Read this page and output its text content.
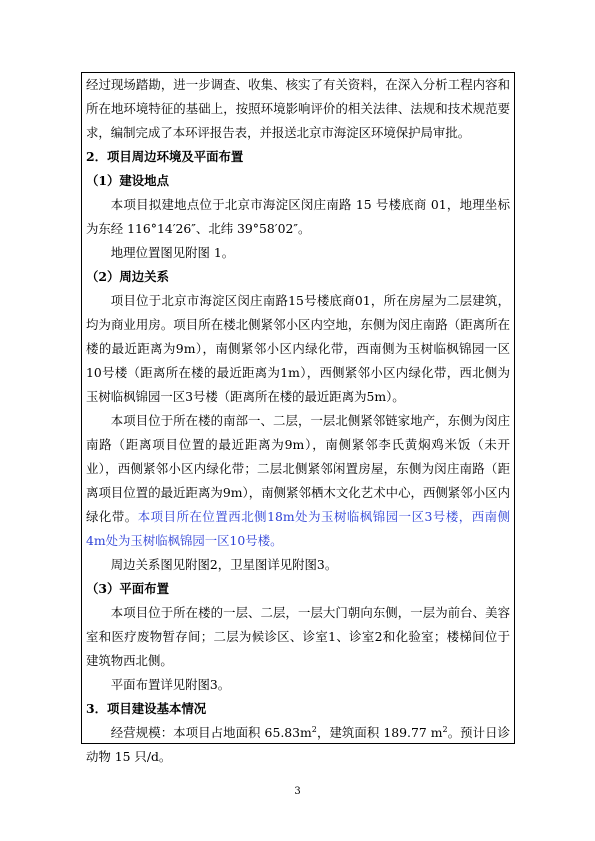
经过现场踏勘，进一步调查、收集、核实了有关资料，在深入分析工程内容和所在地环境特征的基础上，按照环境影响评价的相关法律、法规和技术规范要求，编制完成了本环评报告表，并报送北京市海淀区环境保护局审批。

2．项目周边环境及平面布置

（1）建设地点

本项目拟建地点位于北京市海淀区闵庄南路 15 号楼底商 01，地理坐标为东经 116°14′26″、北纬 39°58′02″。

地理位置图见附图 1。

（2）周边关系

项目位于北京市海淀区闵庄南路15号楼底商01，所在房屋为二层建筑，均为商业用房。项目所在楼北侧紧邻小区内空地，东侧为闵庄南路（距离所在楼的最近距离为9m），南侧紧邻小区内绿化带，西南侧为玉树临枫锦园一区10号楼（距离所在楼的最近距离为1m），西侧紧邻小区内绿化带，西北侧为玉树临枫锦园一区3号楼（距离所在楼的最近距离为5m）。

本项目位于所在楼的南部一、二层，一层北侧紧邻链家地产，东侧为闵庄南路（距离项目位置的最近距离为9m），南侧紧邻李氏黄焖鸡米饭（未开业），西侧紧邻小区内绿化带；二层北侧紧邻闲置房屋，东侧为闵庄南路（距离项目位置的最近距离为9m），南侧紧邻栖木文化艺术中心，西侧紧邻小区内绿化带。本项目所在位置西北侧18m处为玉树临枫锦园一区3号楼，西南侧4m处为玉树临枫锦园一区10号楼。

周边关系图见附图2，卫星图详见附图3。

（3）平面布置

本项目位于所在楼的一层、二层，一层大门朝向东侧，一层为前台、美容室和医疗废物暂存间；二层为候诊区、诊室1、诊室2和化验室；楼梯间位于建筑物西北侧。

平面布置详见附图3。

3．项目建设基本情况

经营规模：本项目占地面积 $65.83m^2$，建筑面积 189.77 $m^2$。预计日诊动物 15 只/d。

3
